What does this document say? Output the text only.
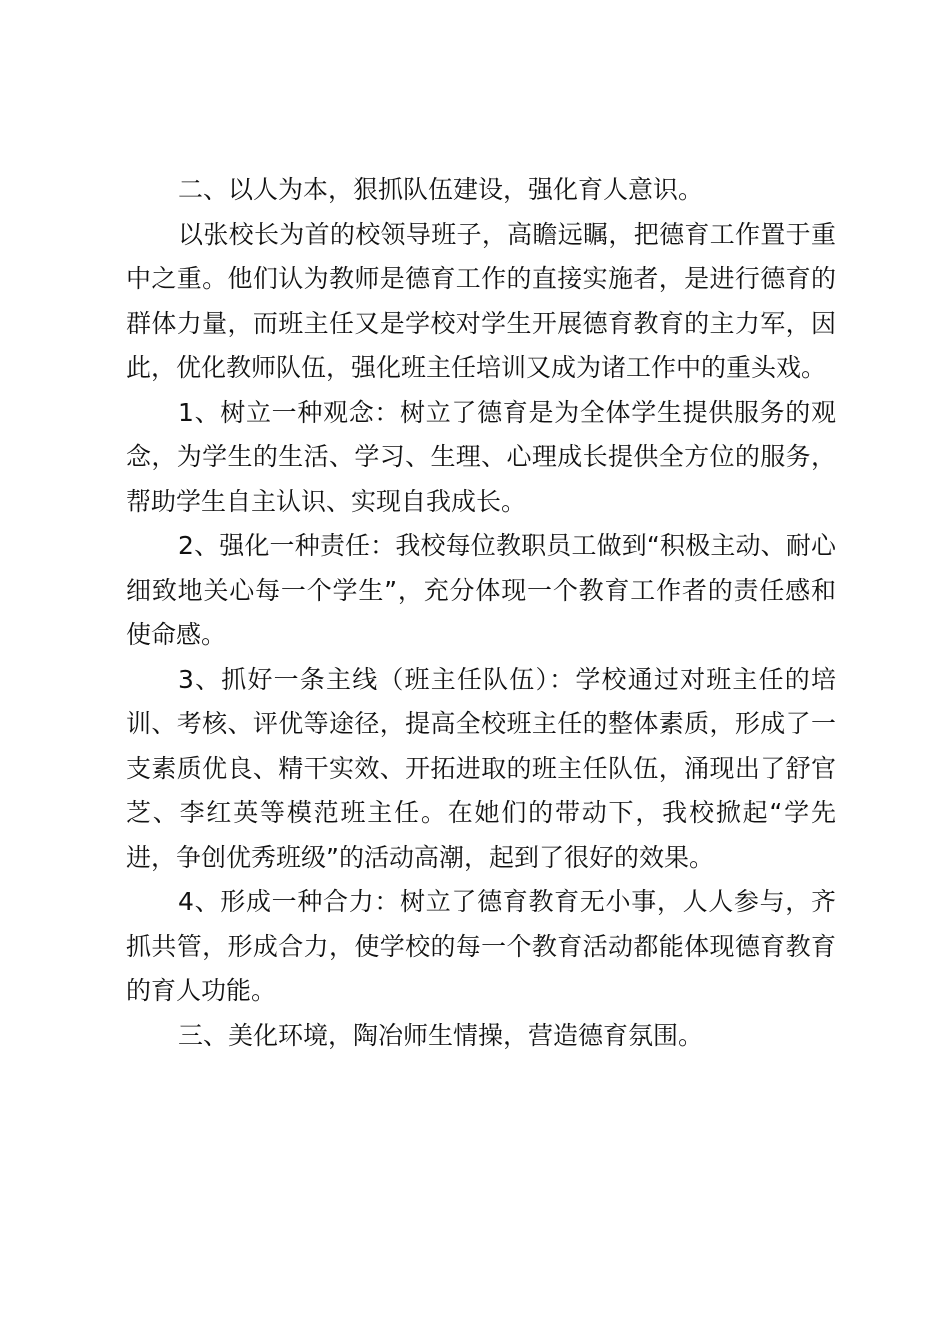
二、以人为本，狠抓队伍建设，强化育人意识。

以张校长为首的校领导班子，高瞻远瞩，把德育工作置于重中之重。他们认为教师是德育工作的直接实施者，是进行德育的群体力量，而班主任又是学校对学生开展德育教育的主力军，因此，优化教师队伍，强化班主任培训又成为诸工作中的重头戏。

1、树立一种观念：树立了德育是为全体学生提供服务的观念，为学生的生活、学习、生理、心理成长提供全方位的服务，帮助学生自主认识、实现自我成长。

2、强化一种责任：我校每位教职员工做到“积极主动、耐心细致地关心每一个学生”，充分体现一个教育工作者的责任感和使命感。

3、抓好一条主线（班主任队伍）：学校通过对班主任的培训、考核、评优等途径，提高全校班主任的整体素质，形成了一支素质优良、精干实效、开拓进取的班主任队伍，涌现出了舒官芝、李红英等模范班主任。在她们的带动下，我校掀起“学先进，争创优秀班级”的活动高潮，起到了很好的效果。

4、形成一种合力：树立了德育教育无小事，人人参与，齐抓共管，形成合力，使学校的每一个教育活动都能体现德育教育的育人功能。

三、美化环境，陶冶师生情操，营造德育氛围。
